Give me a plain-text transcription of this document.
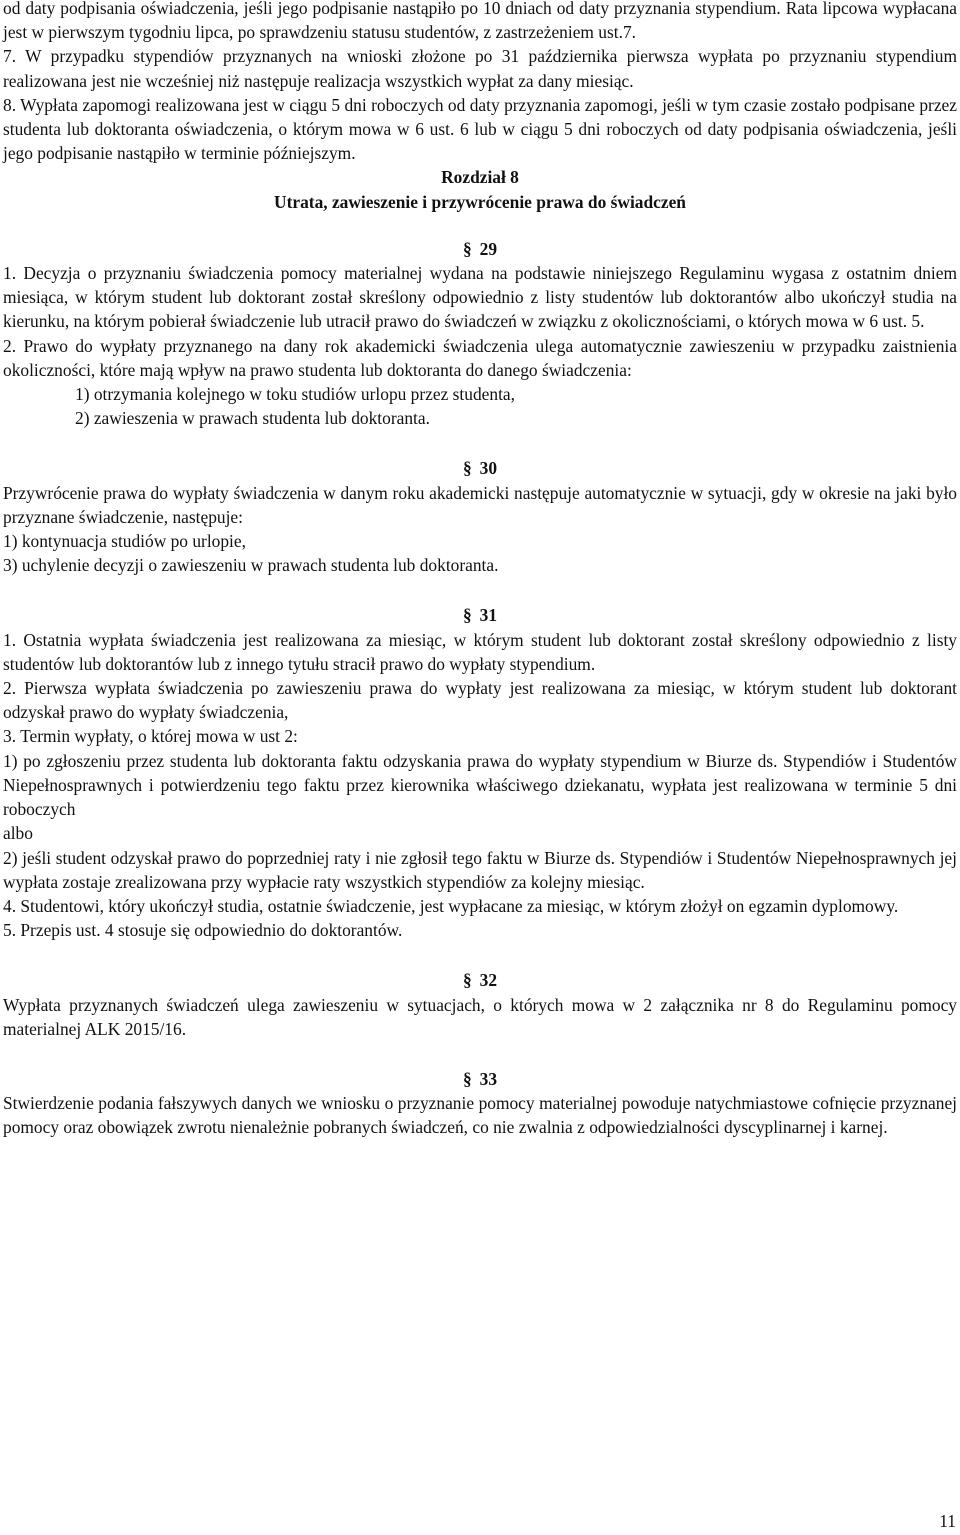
od daty podpisania oświadczenia, jeśli jego podpisanie nastąpiło po 10 dniach od daty przyznania stypendium. Rata lipcowa wypłacana jest w pierwszym tygodniu lipca, po sprawdzeniu statusu studentów, z zastrzeżeniem ust.7.

7. W przypadku stypendiów przyznanych na wnioski złożone po 31 października pierwsza wypłata po przyznaniu stypendium realizowana jest nie wcześniej niż następuje realizacja wszystkich wypłat za dany miesiąc.

8. Wypłata zapomogi realizowana jest w ciągu 5 dni roboczych od daty przyznania zapomogi, jeśli w tym czasie zostało podpisane przez studenta lub doktoranta oświadczenia, o którym mowa w 6 ust. 6 lub w ciągu 5 dni roboczych od daty podpisania oświadczenia, jeśli jego podpisanie nastąpiło w terminie późniejszym.

Rozdział 8
Utrata, zawieszenie i przywrócenie prawa do świadczeń
§ 29

1. Decyzja o przyznaniu świadczenia pomocy materialnej wydana na podstawie niniejszego Regulaminu wygasa z ostatnim dniem miesiąca, w którym student lub doktorant został skreślony odpowiednio z listy studentów lub doktorantów albo ukończył studia na kierunku, na którym pobierał świadczenie lub utracił prawo do świadczeń w związku z okolicznościami, o których mowa w 6 ust. 5.

2. Prawo do wypłaty przyznanego na dany rok akademicki świadczenia ulega automatycznie zawieszeniu w przypadku zaistnienia okoliczności, które mają wpływ na prawo studenta lub doktoranta do danego świadczenia:

1) otrzymania kolejnego w toku studiów urlopu przez studenta,

2) zawieszenia w prawach studenta lub doktoranta.

§ 30

Przywrócenie prawa do wypłaty świadczenia w danym roku akademicki następuje automatycznie w sytuacji, gdy w okresie na jaki było przyznane świadczenie, następuje:

1) kontynuacja studiów po urlopie,

3) uchylenie decyzji o zawieszeniu w prawach studenta lub doktoranta.

§ 31

1. Ostatnia wypłata świadczenia jest realizowana za miesiąc, w którym student lub doktorant został skreślony odpowiednio z listy studentów lub doktorantów lub z innego tytułu stracił prawo do wypłaty stypendium.

2. Pierwsza wypłata świadczenia po zawieszeniu prawa do wypłaty jest realizowana za miesiąc, w którym student lub doktorant odzyskał prawo do wypłaty świadczenia,

3. Termin wypłaty, o której mowa w ust 2:

1) po zgłoszeniu przez studenta lub doktoranta faktu odzyskania prawa do wypłaty stypendium w Biurze ds. Stypendiów i Studentów Niepełnosprawnych i potwierdzeniu tego faktu przez kierownika właściwego dziekanatu, wypłata jest realizowana w terminie 5 dni roboczych

albo

2) jeśli student odzyskał prawo do poprzedniej raty i nie zgłosił tego faktu w Biurze ds. Stypendiów i Studentów Niepełnosprawnych jej wypłata zostaje zrealizowana przy wypłacie raty wszystkich stypendiów za kolejny miesiąc.

4. Studentowi, który ukończył studia, ostatnie świadczenie, jest wypłacane za miesiąc, w którym złożył on egzamin dyplomowy.

5. Przepis ust. 4 stosuje się odpowiednio do doktorantów.

§ 32

Wypłata przyznanych świadczeń ulega zawieszeniu w sytuacjach, o których mowa w 2 załącznika nr 8 do Regulaminu pomocy materialnej ALK 2015/16.

§ 33

Stwierdzenie podania fałszywych danych we wniosku o przyznanie pomocy materialnej powoduje natychmiastowe cofnięcie przyznanej pomocy oraz obowiązek zwrotu nienależnie pobranych świadczeń, co nie zwalnia z odpowiedzialności dyscyplinarnej i karnej.

11
